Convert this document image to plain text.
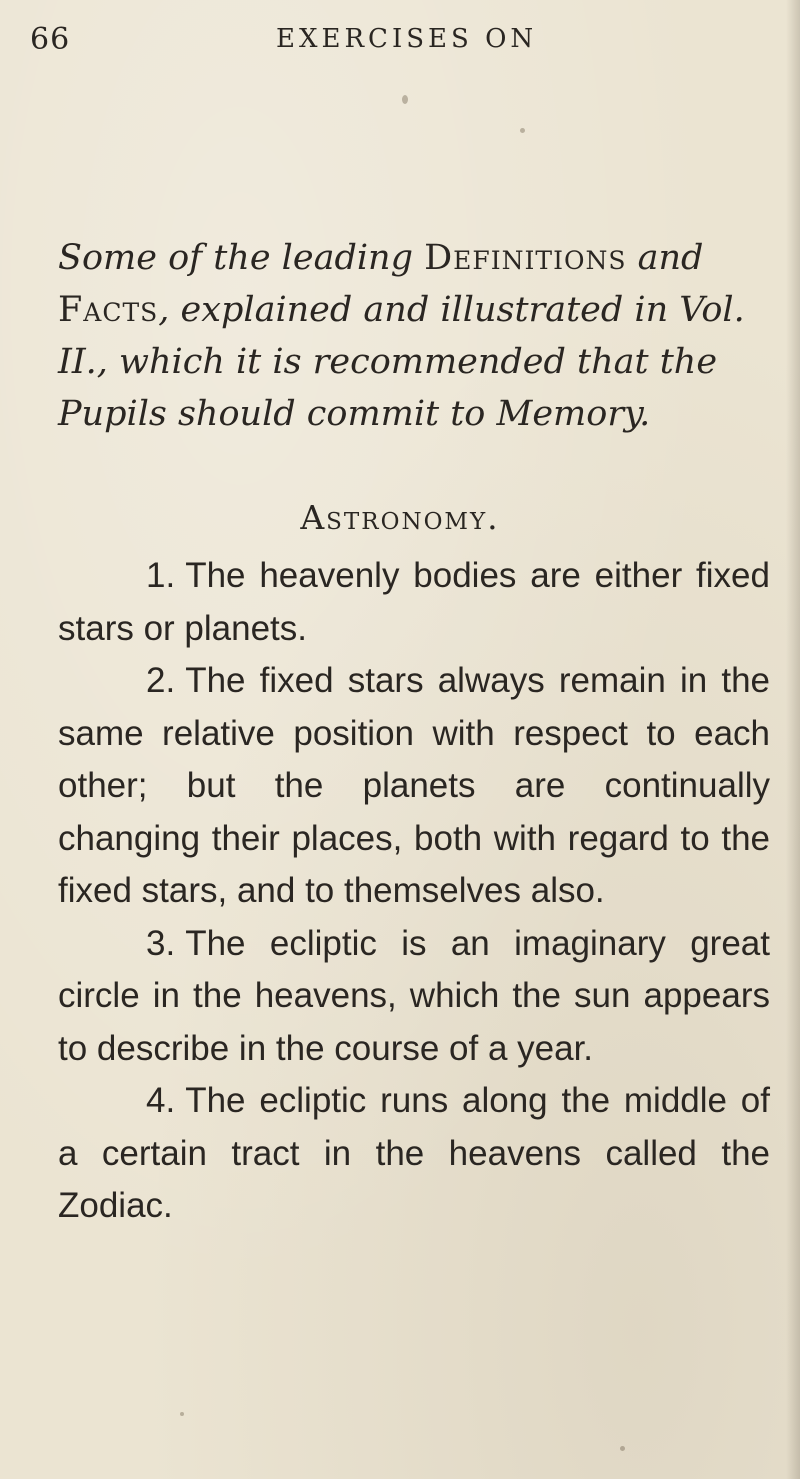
66	EXERCISES ON
Some of the leading Definitions and Facts, explained and illustrated in Vol. II., which it is recommended that the Pupils should commit to Memory.
Astronomy.

1. The heavenly bodies are either fixed stars or planets.

2. The fixed stars always remain in the same relative position with respect to each other; but the planets are continually changing their places, both with regard to the fixed stars, and to themselves also.

3. The ecliptic is an imaginary great circle in the heavens, which the sun appears to describe in the course of a year.

4. The ecliptic runs along the middle of a certain tract in the heavens called the Zodiac.
